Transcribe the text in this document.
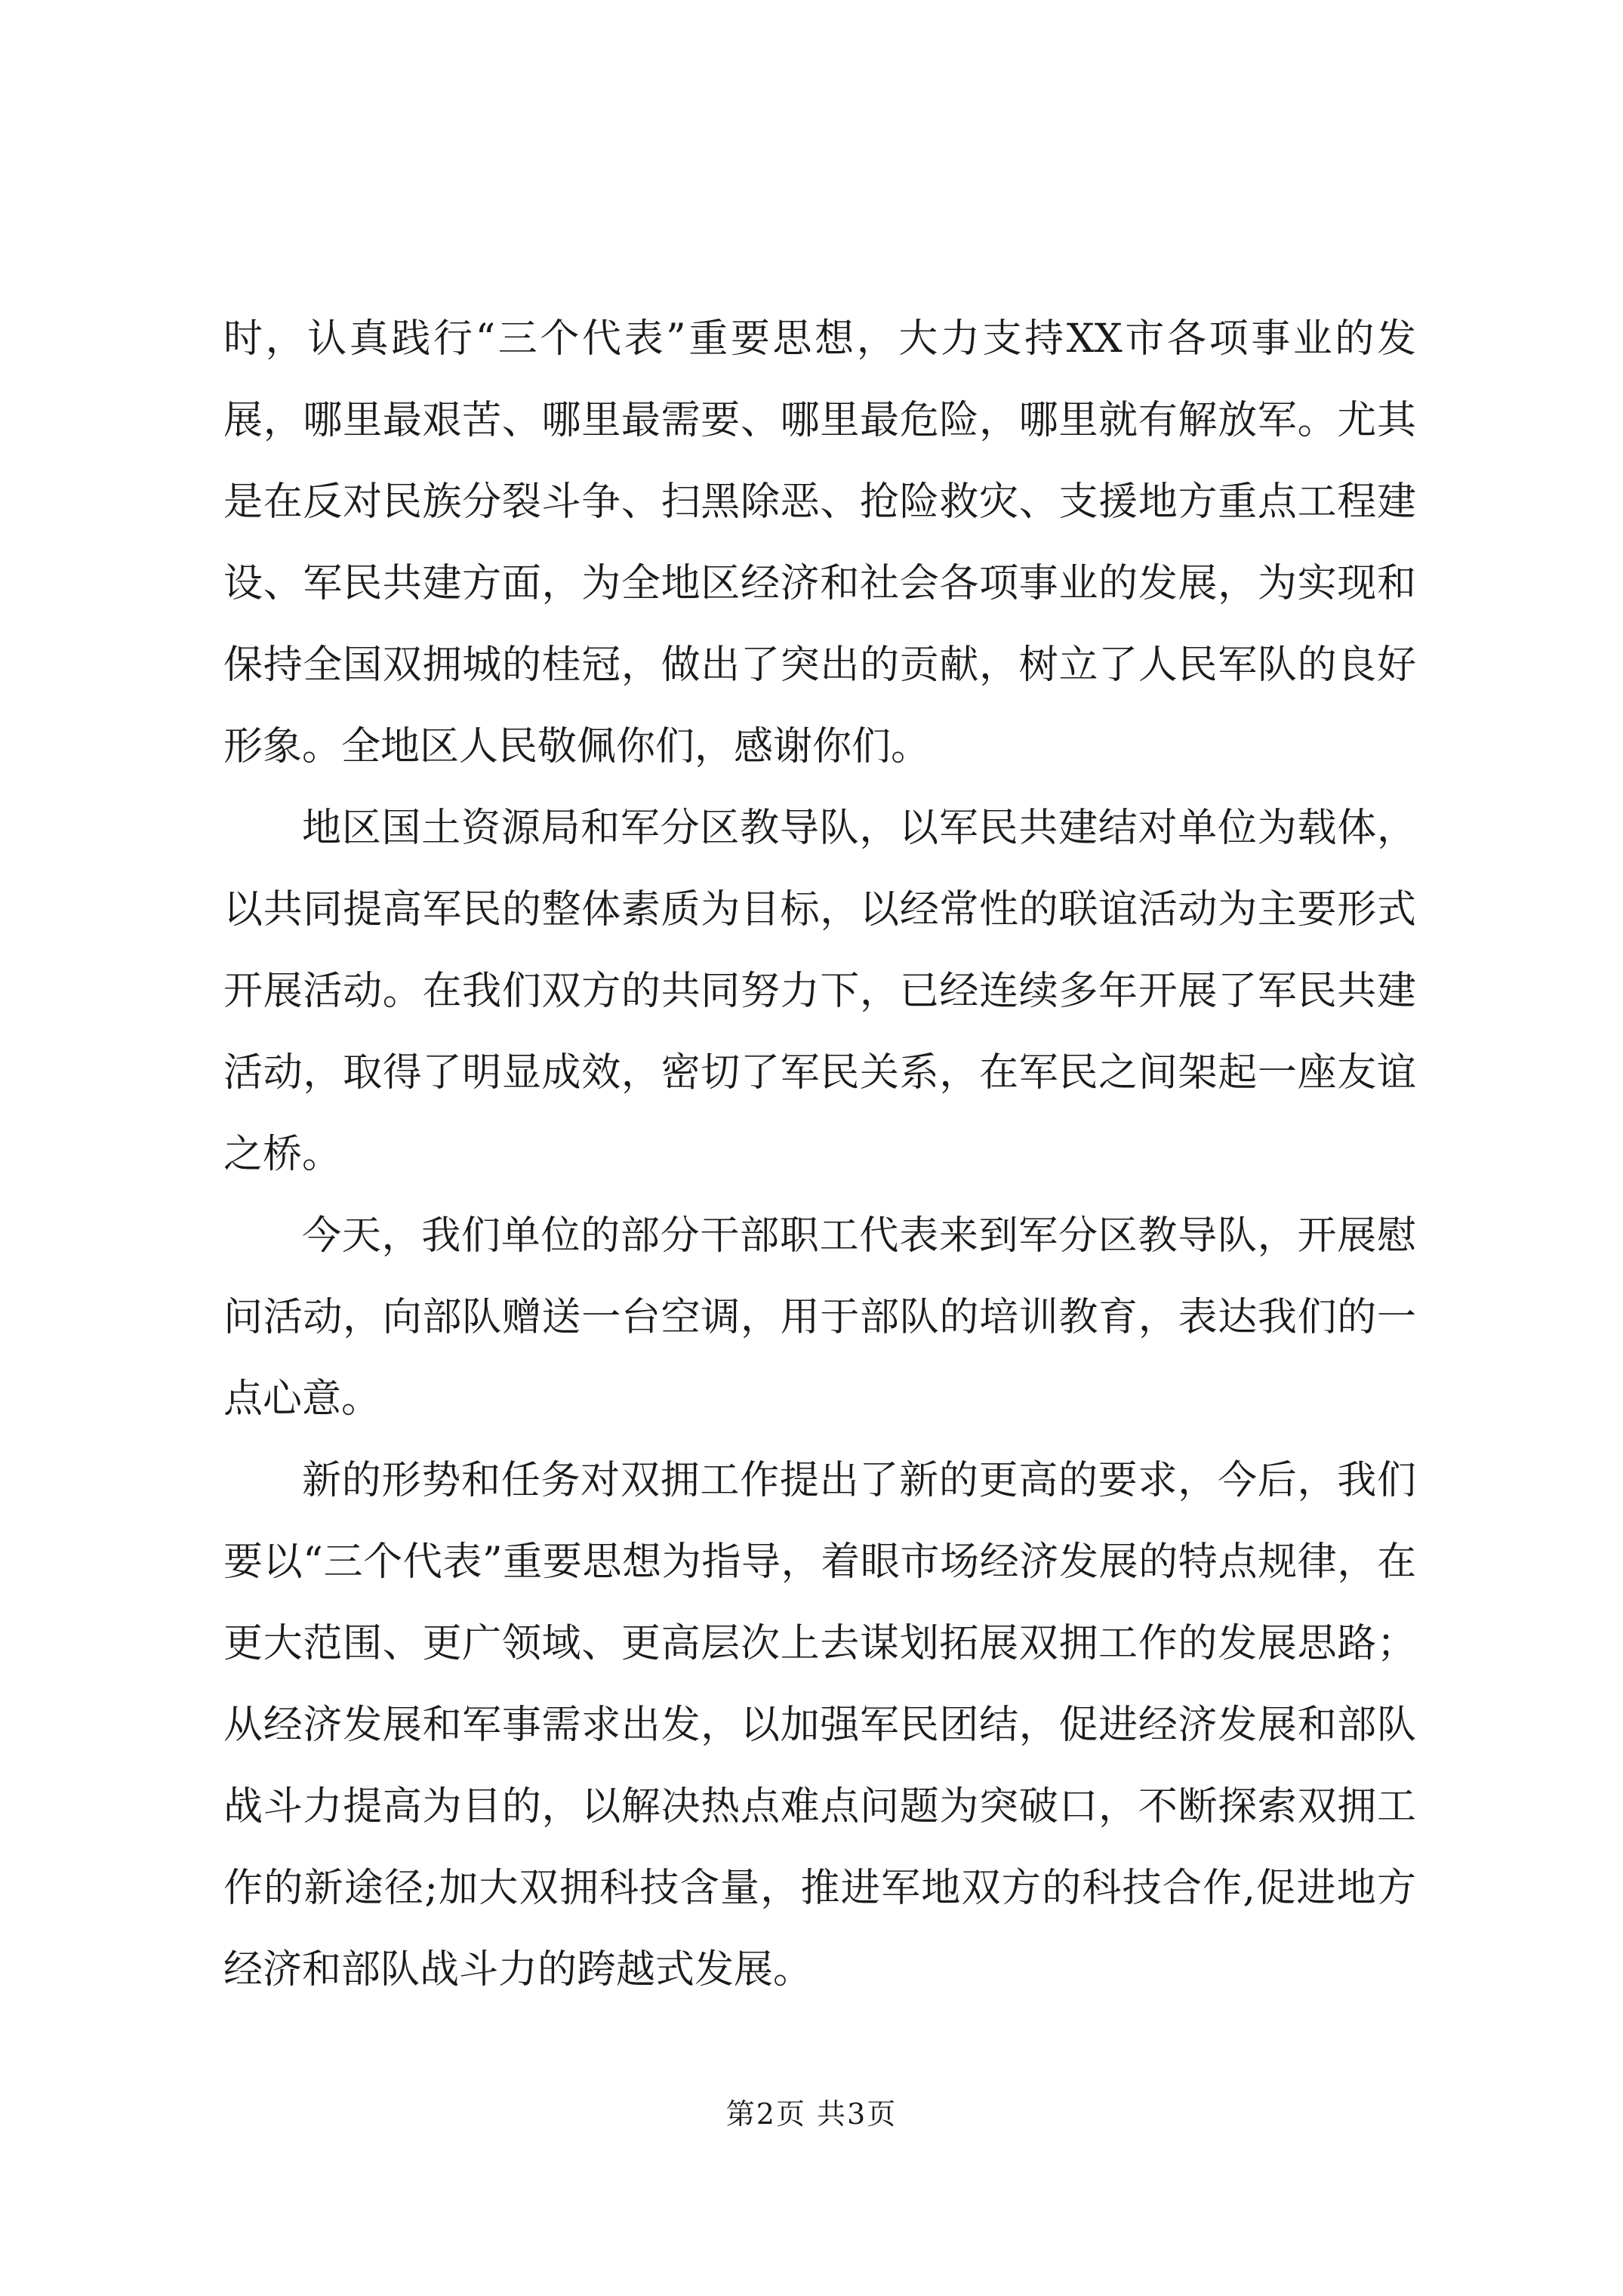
时，认真践行“三个代表”重要思想，大力支持XX市各项事业的发展，哪里最艰苦、哪里最需要、哪里最危险，哪里就有解放军。尤其是在反对民族分裂斗争、扫黑除恶、抢险救灾、支援地方重点工程建设、军民共建方面，为全地区经济和社会各项事业的发展，为实现和保持全国双拥城的桂冠，做出了突出的贡献，树立了人民军队的良好形象。全地区人民敬佩你们，感谢你们。

地区国土资源局和军分区教导队，以军民共建结对单位为载体，以共同提高军民的整体素质为目标，以经常性的联谊活动为主要形式开展活动。在我们双方的共同努力下，已经连续多年开展了军民共建活动，取得了明显成效，密切了军民关系，在军民之间架起一座友谊之桥。

今天，我们单位的部分干部职工代表来到军分区教导队，开展慰问活动，向部队赠送一台空调，用于部队的培训教育，表达我们的一点心意。

新的形势和任务对双拥工作提出了新的更高的要求，今后，我们要以“三个代表”重要思想为指导，着眼市场经济发展的特点规律，在更大范围、更广领域、更高层次上去谋划拓展双拥工作的发展思路；从经济发展和军事需求出发，以加强军民团结，促进经济发展和部队战斗力提高为目的，以解决热点难点问题为突破口，不断探索双拥工作的新途径;加大双拥科技含量，推进军地双方的科技合作,促进地方经济和部队战斗力的跨越式发展。

第2页 共3页
